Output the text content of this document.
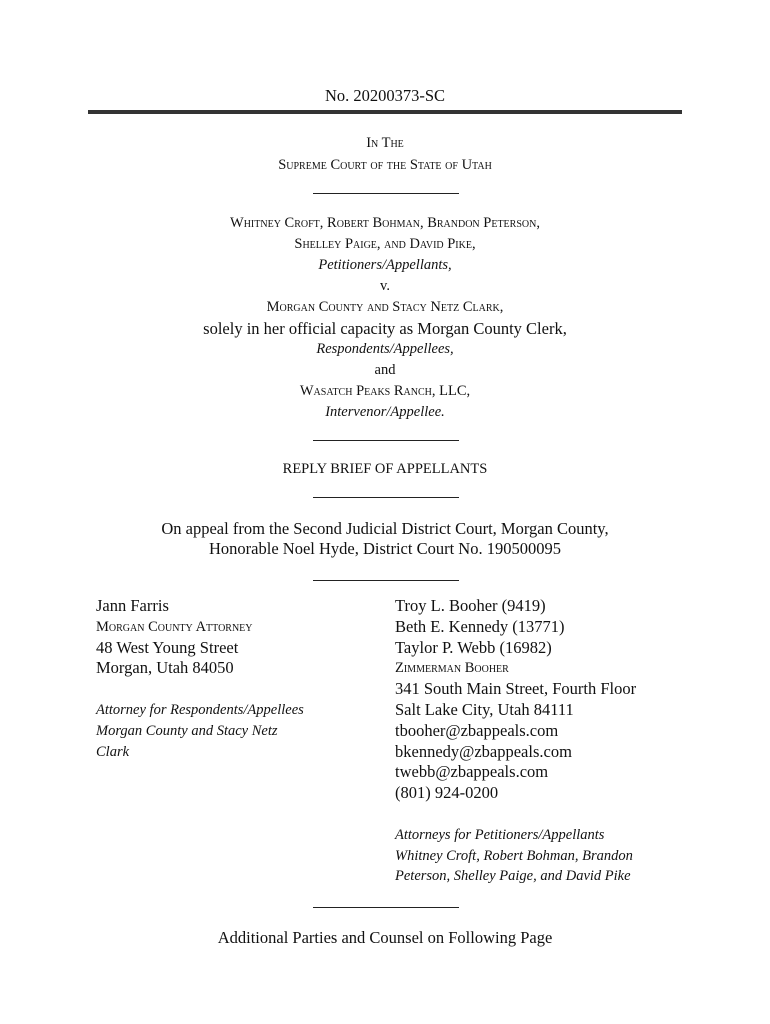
No. 20200373-SC
In The
Supreme Court of the State of Utah
Whitney Croft, Robert Bohman, Brandon Peterson,
Shelley Paige, and David Pike,
Petitioners/Appellants,
v.
Morgan County and Stacy Netz Clark,
solely in her official capacity as Morgan County Clerk,
Respondents/Appellees,
and
Wasatch Peaks Ranch, LLC,
Intervenor/Appellee.
REPLY BRIEF OF APPELLANTS
On appeal from the Second Judicial District Court, Morgan County,
Honorable Noel Hyde, District Court No. 190500095
Jann Farris
Morgan County Attorney
48 West Young Street
Morgan, Utah 84050
Attorney for Respondents/Appellees
Morgan County and Stacy Netz
Clark
Troy L. Booher (9419)
Beth E. Kennedy (13771)
Taylor P. Webb (16982)
Zimmerman Booher
341 South Main Street, Fourth Floor
Salt Lake City, Utah 84111
tbooher@zbappeals.com
bkennedy@zbappeals.com
twebb@zbappeals.com
(801) 924-0200
Attorneys for Petitioners/Appellants
Whitney Croft, Robert Bohman, Brandon
Peterson, Shelley Paige, and David Pike
Additional Parties and Counsel on Following Page
